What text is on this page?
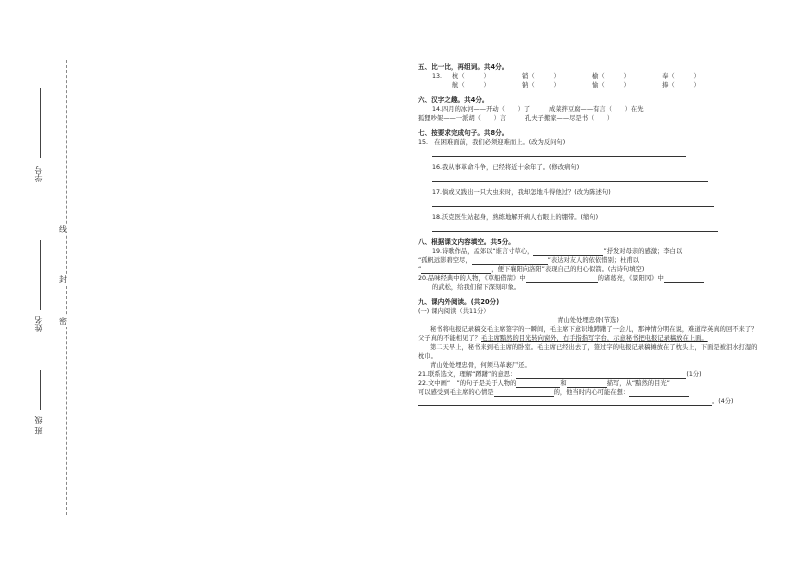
学号
姓名
班 级
线
封
密
五、比一比，再组词。共4分。
13. 杭（　　　）	销（　　　）	榆（　　　）	奉（　　　）
航（　　　）	钠（　　　）	愉（　　　）	捧（　　　）
六、汉字之趣。共4分。
14.四月的冰河——开动（　　）了　　　成菜拌豆腐——有言（　　）在先
狐狸吵架——一派胡（　　）言　　　孔夫子搬家——尽是书（　　）
七、按要求完成句子。共8分。
15.　在困难面前，我们必须迎难而上。(改为反问句)
16.我从事革命斗争，已经将近十余年了。(修改病句)
17.倘或又践出一只大虫来时，我却怎地斗得他过？(改为陈述句)
18.沃克医生站起身，熟练地解开病人右眼上的绷带。(缩句)
八、根据课文内容填空。共5分。
19.诗歌作品，孟郊以“谁言寸草心，	”抒发对母亲的感激；李白以
“孤帆远影碧空尽，	”表达对友人的依依惜别；杜甫以
“	，便下襄阳向洛阳”表现自己的归心似箭。(古诗句填空)
20.品味经典中的人物，《草船借箭》中	的诸葛亮，《景阳冈》中
的武松，给我们留下深刻印象。
九、课内外阅读。(共20分)
(一) 课内阅读（共11分）
青山处处埋忠骨(节选)
秘书将电报记录稿交毛主席签字的一瞬间，毛主席下意识地蹲躇了一会儿，那神情分明在说，难道岸英真的回不来了？父子真的不能相见了？毛主席黯然的目光转向窗外，右手指指写字台，示意秘书把电报记录稿放在上面。
第二天早上，秘书来到毛主席的卧室。毛主席已经出去了，签过字的电报记录稿摊放在了枕头上，下面是被泪水打湿的枕巾。
青山处处埋忠骨，何须马革裹尸还。
21.联系选文，理解“蹲躇”的意思：	(1分)
22.文中画“　”的句子是关于人物的	和	描写，从“黯然的目光”
可以感受到毛主席的心情是	的，他当时内心可能在想：
。(4分)
